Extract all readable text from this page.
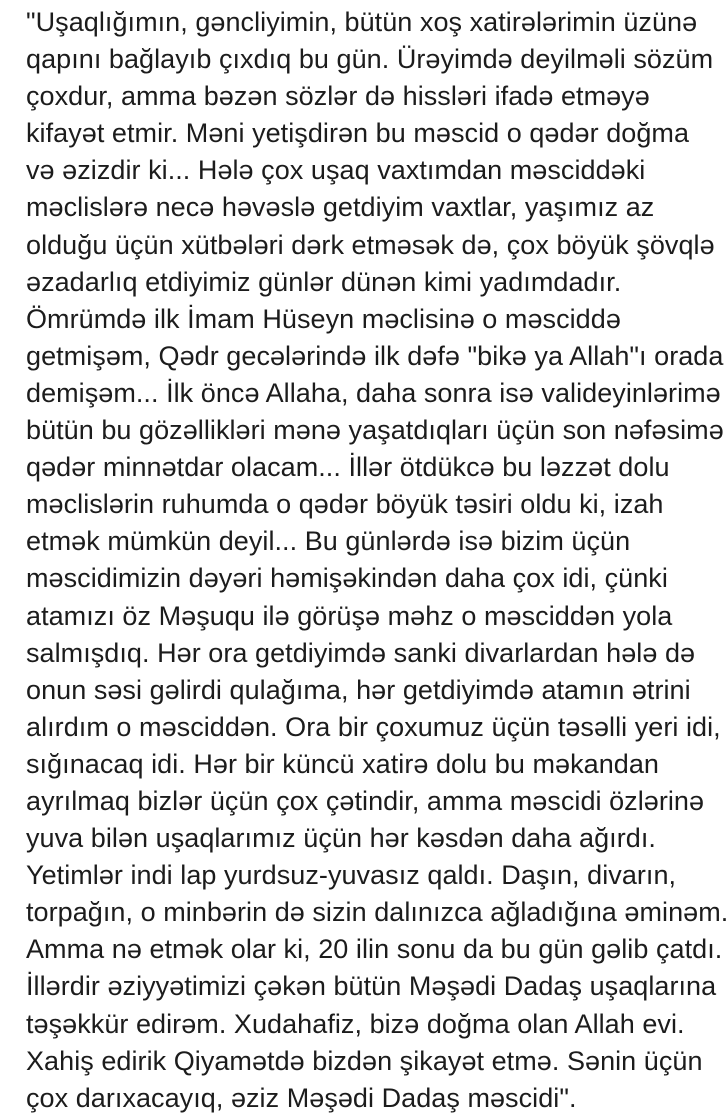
"Uşaqlığımın, gəncliyimin, bütün xoş xatirələrimin üzünə
qapını bağlayıb çıxdıq bu gün. Ürəyimdə deyilməli sözüm
çoxdur, amma bəzən sözlər də hissləri ifadə etməyə
kifayət etmir. Məni yetişdirən bu məscid o qədər doğma
və əzizdir ki... Hələ çox uşaq vaxtımdan məsciddəki
məclislərə necə həvəslə getdiyim vaxtlar, yaşımız az
olduğu üçün xütbələri dərk etməsək də, çox böyük şövqlə
əzadarlıq etdiyimiz günlər dünən kimi yadımdadır.
Ömrümdə ilk İmam Hüseyn məclisinə o məsciddə
getmişəm, Qədr gecələrində ilk dəfə "bikə ya Allah"ı orada
demişəm... İlk öncə Allaha, daha sonra isə valideyinlərimə
bütün bu gözəllikləri mənə yaşatdıqları üçün son nəfəsimə
qədər minnətdar olacam... İllər ötdükcə bu ləzzət dolu
məclislərin ruhumda o qədər böyük təsiri oldu ki, izah
etmək mümkün deyil... Bu günlərdə isə bizim üçün
məscidimizin dəyəri həmişəkindən daha çox idi, çünki
atamızı öz Məşuqu ilə görüşə məhz o məsciddən yola
salmışdıq. Hər ora getdiyimdə sanki divarlardan hələ də
onun səsi gəlirdi qulağıma, hər getdiyimdə atamın ətrini
alırdım o məsciddən. Ora bir çoxumuz üçün təsəlli yeri idi,
sığınacaq idi. Hər bir küncü xatirə dolu bu məkandan
ayrılmaq bizlər üçün çox çətindir, amma məscidi özlərinə
yuva bilən uşaqlarımız üçün hər kəsdən daha ağırdı.
Yetimlər indi lap yurdsuz-yuvasız qaldı. Daşın, divarın,
torpağın, o minbərin də sizin dalınızca ağladığına əminəm.
Amma nə etmək olar ki, 20 ilin sonu da bu gün gəlib çatdı.
İllərdir əziyyətimizi çəkən bütün Məşədi Dadaş uşaqlarına
təşəkkür edirəm. Xudahafiz, bizə doğma olan Allah evi.
Xahiş edirik Qiyamətdə bizdən şikayət etmə. Sənin üçün
çox darıxacayıq, əziz Məşədi Dadaş məscidi".
